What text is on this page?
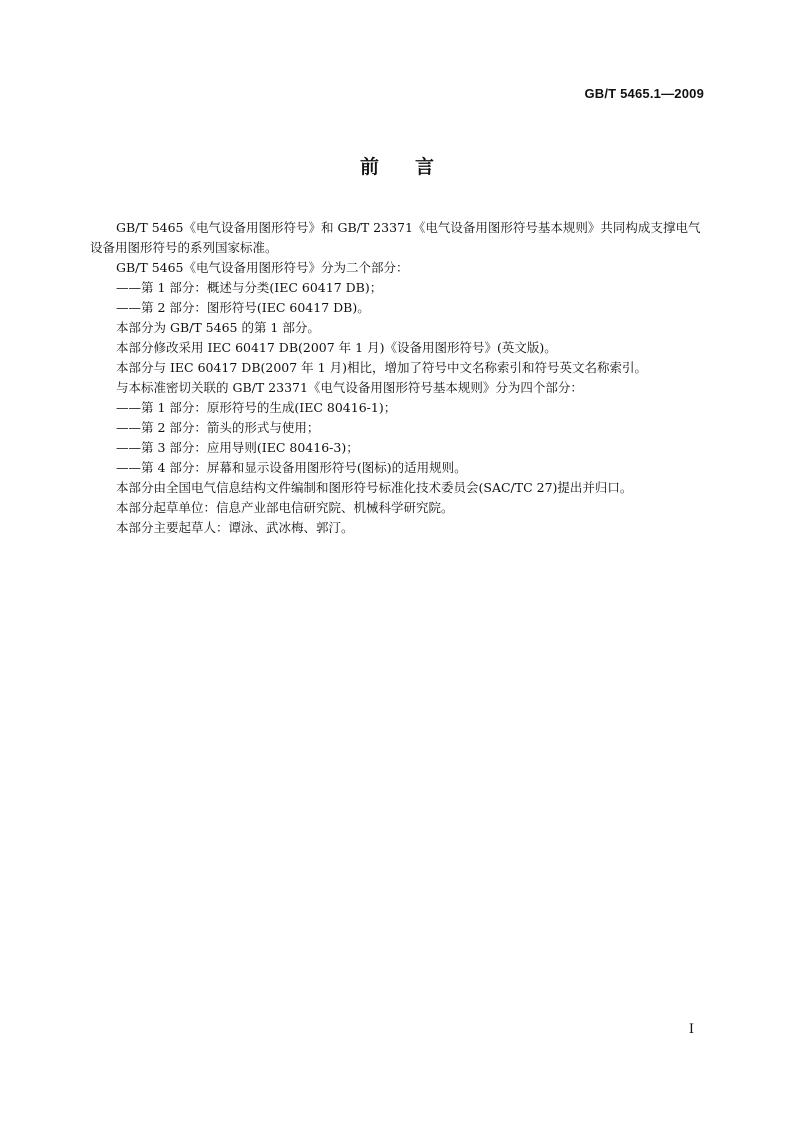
GB/T 5465.1—2009
前言

GB/T 5465《电气设备用图形符号》和 GB/T 23371《电气设备用图形符号基本规则》共同构成支撑电气设备用图形符号的系列国家标准。

GB/T 5465《电气设备用图形符号》分为二个部分：

——第 1 部分：概述与分类(IEC 60417 DB)；

——第 2 部分：图形符号(IEC 60417 DB)。

本部分为 GB/T 5465 的第 1 部分。

本部分修改采用 IEC 60417 DB(2007 年 1 月)《设备用图形符号》(英文版)。

本部分与 IEC 60417 DB(2007 年 1 月)相比，增加了符号中文名称索引和符号英文名称索引。

与本标准密切关联的 GB/T 23371《电气设备用图形符号基本规则》分为四个部分：

——第 1 部分：原形符号的生成(IEC 80416-1)；

——第 2 部分：箭头的形式与使用；

——第 3 部分：应用导则(IEC 80416-3)；

——第 4 部分：屏幕和显示设备用图形符号(图标)的适用规则。

本部分由全国电气信息结构文件编制和图形符号标准化技术委员会(SAC/TC 27)提出并归口。

本部分起草单位：信息产业部电信研究院、机械科学研究院。

本部分主要起草人：谭泳、武冰梅、郭汀。

I
